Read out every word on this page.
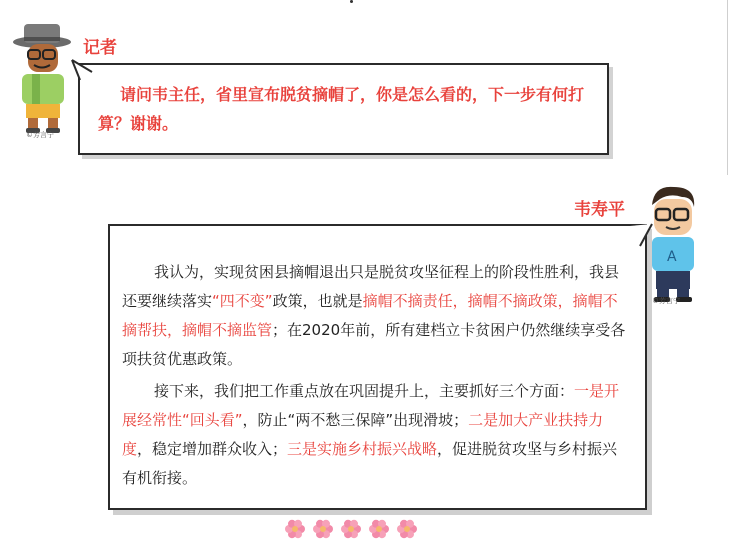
©芳言宁
记者
请问韦主任，省里宣布脱贫摘帽了，你是怎么看的，下一步有何打算？谢谢。
韦寿平
A
©芳言宁

我认为，实现贫困县摘帽退出只是脱贫攻坚征程上的阶段性胜利，我县还要继续落实“四不变”政策，也就是摘帽不摘责任，摘帽不摘政策，摘帽不摘帮扶，摘帽不摘监管；在2020年前，所有建档立卡贫困户仍然继续享受各项扶贫优惠政策。

接下来，我们把工作重点放在巩固提升上，主要抓好三个方面：一是开展经常性“回头看”，防止“两不愁三保障”出现滑坡；二是加大产业扶持力度，稳定增加群众收入；三是实施乡村振兴战略，促进脱贫攻坚与乡村振兴有机衔接。
